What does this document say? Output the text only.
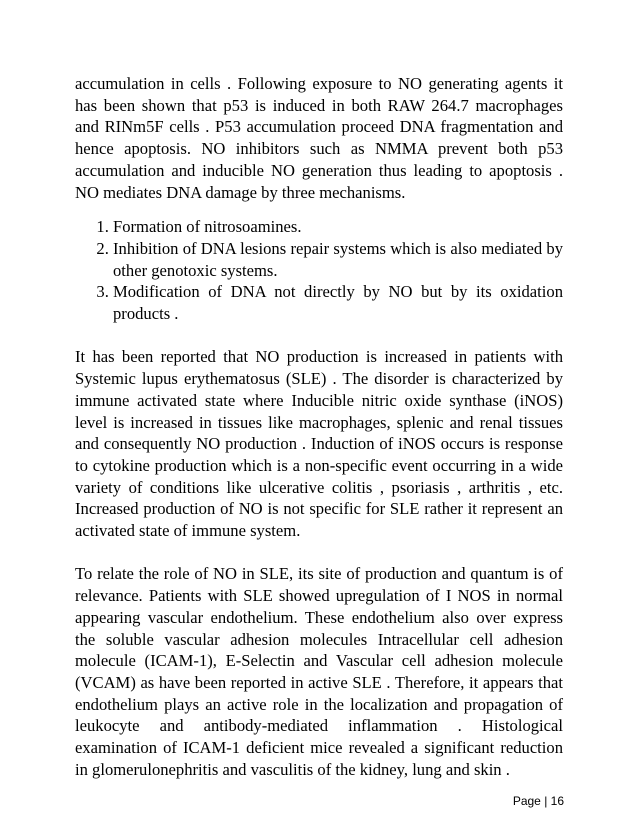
accumulation in cells . Following exposure to NO generating agents it has been shown that p53 is induced in both RAW 264.7 macrophages and RINm5F cells . P53 accumulation proceed DNA fragmentation and hence apoptosis. NO inhibitors such as NMMA prevent both p53 accumulation and inducible NO generation thus leading to apoptosis . NO mediates DNA damage by three mechanisms.

1. Formation of nitrosoamines.
2. Inhibition of DNA lesions repair systems which is also mediated by other genotoxic systems.
3. Modification of DNA not directly by NO but by its oxidation products .

It has been reported that NO production is increased in patients with Systemic lupus erythematosus (SLE) . The disorder is characterized by immune activated state where Inducible nitric oxide synthase (iNOS) level is increased in tissues like macrophages, splenic and renal tissues and consequently NO production . Induction of iNOS occurs is response to cytokine production which is a non-specific event occurring in a wide variety of conditions like ulcerative colitis , psoriasis , arthritis , etc. Increased production of NO is not specific for SLE rather it represent an activated state of immune system.

To relate the role of NO in SLE, its site of production and quantum is of relevance. Patients with SLE showed upregulation of I NOS in normal appearing vascular endothelium. These endothelium also over express the soluble vascular adhesion molecules Intracellular cell adhesion molecule (ICAM-1), E-Selectin and Vascular cell adhesion molecule (VCAM) as have been reported in active SLE . Therefore, it appears that endothelium plays an active role in the localization and propagation of leukocyte and antibody-mediated inflammation . Histological examination of ICAM-1 deficient mice revealed a significant reduction in glomerulonephritis and vasculitis of the kidney, lung and skin .

Page | 16
